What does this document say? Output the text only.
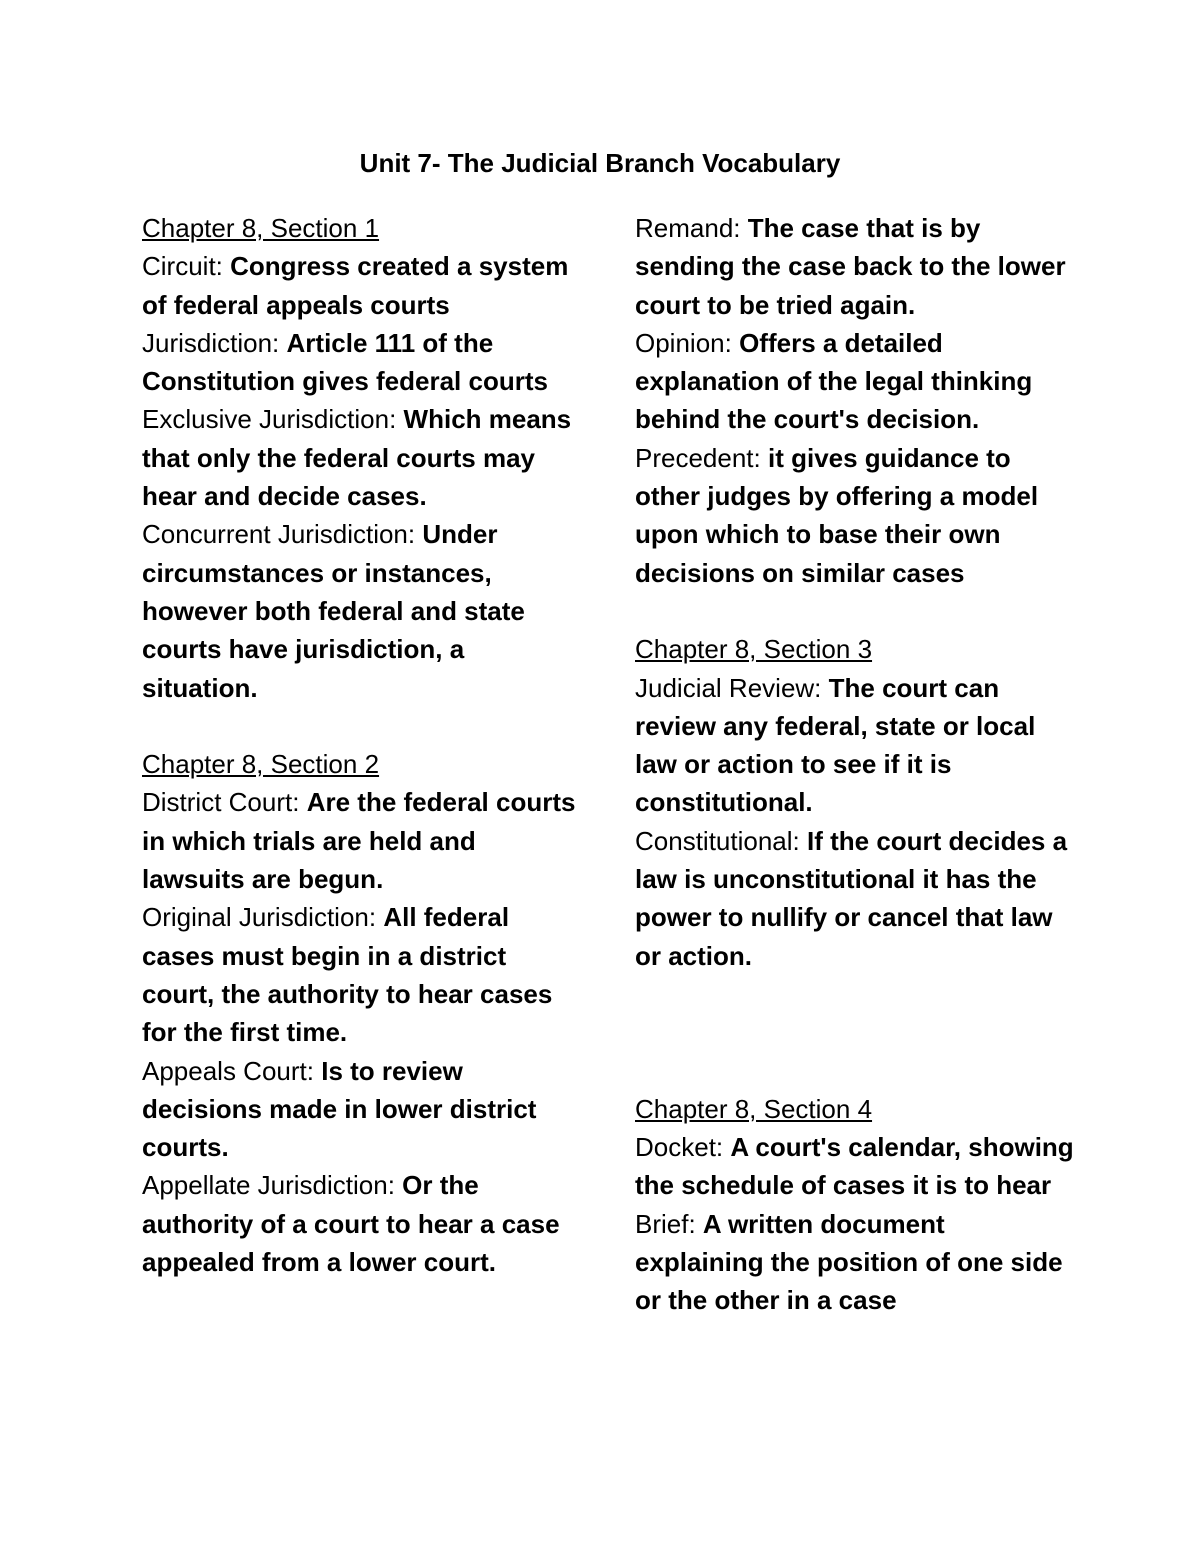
Unit 7- The Judicial Branch Vocabulary

Chapter 8, Section 1

Circuit: Congress created a system of federal appeals courts

Jurisdiction: Article 111 of the Constitution gives federal courts

Exclusive Jurisdiction: Which means that only the federal courts may hear and decide cases.

Concurrent Jurisdiction: Under circumstances or instances, however both federal and state courts have jurisdiction, a situation.

Chapter 8, Section 2

District Court: Are the federal courts in which trials are held and lawsuits are begun.

Original Jurisdiction: All federal cases must begin in a district court, the authority to hear cases for the first time.

Appeals Court: Is to review decisions made in lower district courts.

Appellate Jurisdiction: Or the authority of a court to hear a case appealed from a lower court.

Remand: The case that is by sending the case back to the lower court to be tried again.

Opinion: Offers a detailed explanation of the legal thinking behind the court's decision.

Precedent: it gives guidance to other judges by offering a model upon which to base their own decisions on similar cases

Chapter 8, Section 3

Judicial Review: The court can review any federal, state or local law or action to see if it is constitutional.

Constitutional: If the court decides a law is unconstitutional it has the power to nullify or cancel that law or action.

Chapter 8, Section 4

Docket: A court's calendar, showing the schedule of cases it is to hear

Brief: A written document explaining the position of one side or the other in a case
